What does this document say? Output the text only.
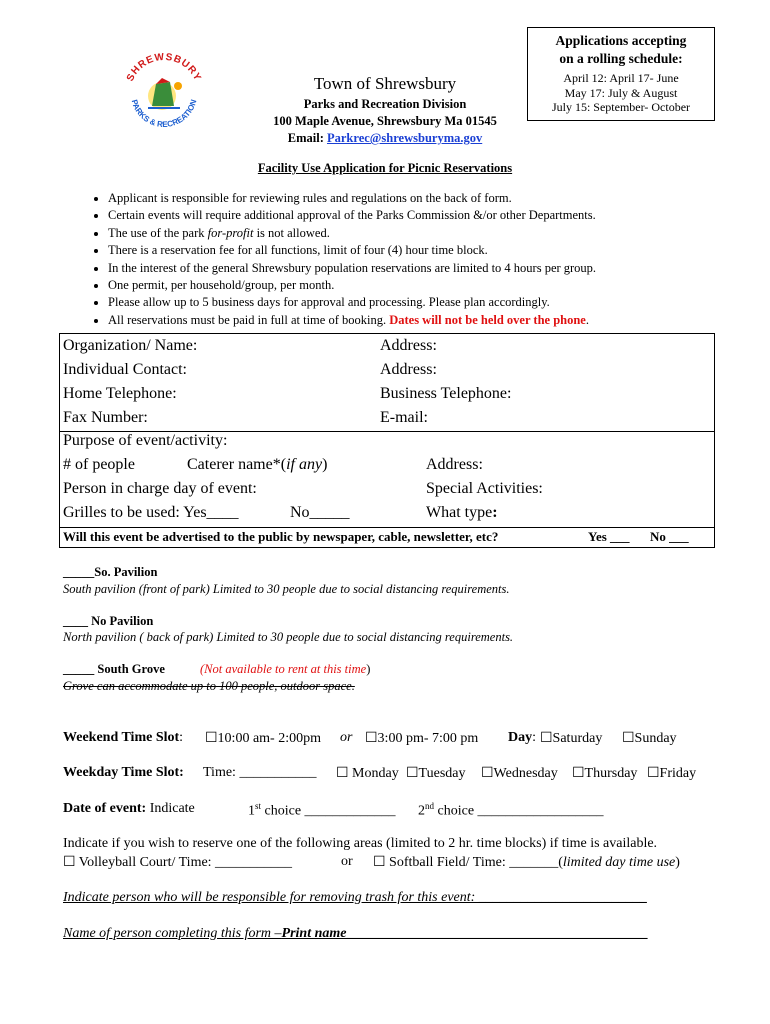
SHREWSBURY
PARKS & RECREATION
Town of Shrewsbury
Parks and Recreation Division
100 Maple Avenue, Shrewsbury Ma 01545
Email: Parkrec@shrewsburyma.gov
Applications accepting
on a rolling schedule:
April 12: April 17- June
May 17: July & August
July 15: September- October
Facility Use Application for Picnic Reservations
• Applicant is responsible for reviewing rules and regulations on the back of form.
• Certain events will require additional approval of the Parks Commission &/or other Departments.
• The use of the park for-profit is not allowed.
• There is a reservation fee for all functions, limit of four (4) hour time block.
• In the interest of the general Shrewsbury population reservations are limited to 4 hours per group.
• One permit, per household/group, per month.
• Please allow up to 5 business days for approval and processing. Please plan accordingly.
• All reservations must be paid in full at time of booking. Dates will not be held over the phone.
Organization/ Name:	Address:
Individual Contact:	Address:
Home Telephone:	Business Telephone:
Fax Number:	E-mail:
Purpose of event/activity:
# of people	Caterer name*(if any)	Address:
Person in charge day of event:	Special Activities:
Grilles to be used: Yes____	No_____	What type:
Will this event be advertised to the public by newspaper, cable, newsletter, etc?	Yes ___ No ___
_____So. Pavilion
South pavilion (front of park) Limited to 30 people due to social distancing requirements.
____ No Pavilion
North pavilion ( back of park) Limited to 30 people due to social distancing requirements.
_____ South Grove	(Not available to rent at this time)
Grove can accommodate up to 100 people, outdoor space.
Weekend Time Slot: ☐10:00 am- 2:00pm or ☐3:00 pm- 7:00 pm Day: ☐Saturday ☐Sunday
Weekday Time Slot: Time: ___________ ☐ Monday ☐Tuesday ☐Wednesday ☐Thursday ☐Friday
Date of event: Indicate	1st choice _____________ 2nd choice __________________
Indicate if you wish to reserve one of the following areas (limited to 2 hr. time blocks) if time is available.
☐ Volleyball Court/ Time: ___________	or ☐ Softball Field/ Time: _______(limited day time use)
Indicate person who will be responsible for removing trash for this event: ________________________
Name of person completing this form –Print name___________________________________________
